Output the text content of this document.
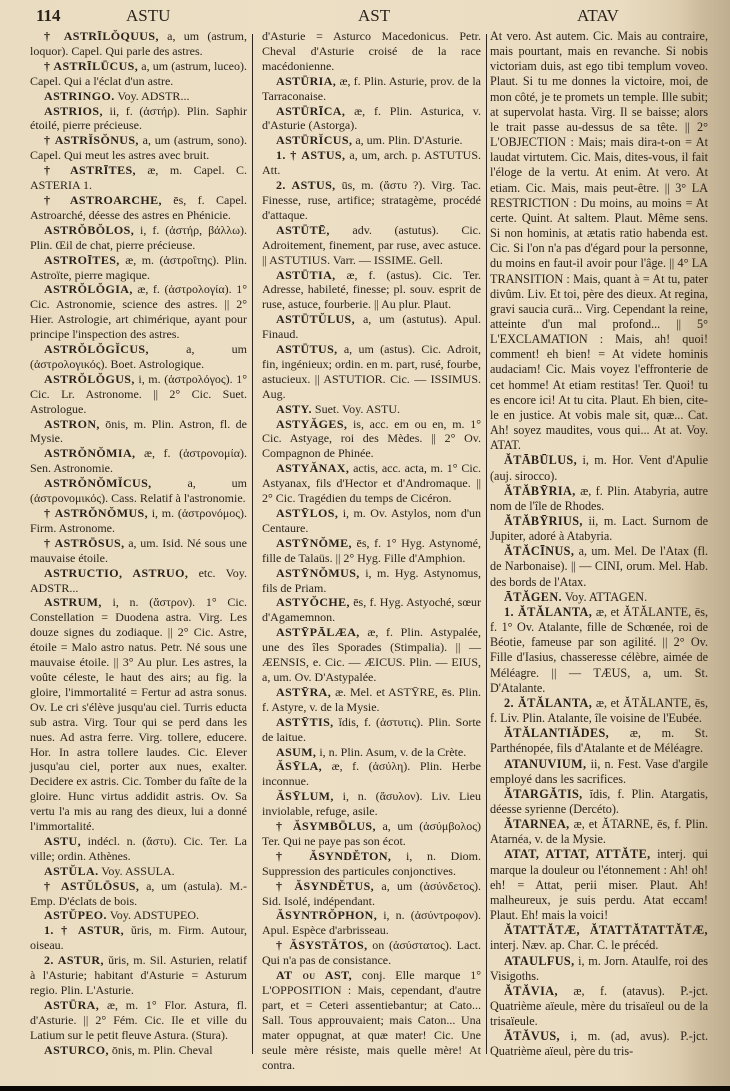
114	ASTU	AST	ATAV

† ASTRĪLŎQUUS, a, um (astrum, loquor). Capel. Qui parle des astres.

† ASTRĪLŪCUS, a, um (astrum, luceo). Capel. Qui a l'éclat d'un astre.

ASTRINGO. Voy. ADSTR...

ASTRIOS, ii, f. (ἀστήρ). Plin. Saphir étoilé, pierre précieuse.

† ASTRĬSŎNUS, a, um (astrum, sono). Capel. Qui meut les astres avec bruit.

† ASTRĪTES, æ, m. Capel. C. ASTERIA 1.

† ASTROARCHE, ēs, f. Capel. Astroarché, déesse des astres en Phénicie.

ASTRŎBŎLOS, i, f. (ἀστήρ, βάλλω). Plin. Œil de chat, pierre précieuse.

ASTROĪTES, æ, m. (ἀστροΐτης). Plin. Astroïte, pierre magique.

ASTRŎLŎGIA, æ, f. (ἀστρολογία). 1° Cic. Astronomie, science des astres. || 2° Hier. Astrologie, art chimérique, ayant pour principe l'inspection des astres.

ASTRŎLŎGĬCUS,	a, um (ἀστρολογικός). Boet. Astrologique.

ASTRŎLŎGUS, i, m. (ἀστρολόγος). 1° Cic. Lr. Astronome. || 2° Cic. Suet. Astrologue.

ASTRON, ōnis, m. Plin. Astron, fl. de Mysie.

ASTRŎNŎMIA, æ, f. (ἀστρονομία). Sen. Astronomie.

ASTRŎNŎMĬCUS,	a, um (ἀστρονομικός). Cass. Relatif à l'astronomie.

† ASTRŎNŎMUS, i, m. (ἀστρονόμος). Firm. Astronome.

† ASTRŌSUS, a, um. Isid. Né sous une mauvaise étoile.

ASTRUCTIO, ASTRUO, etc. Voy. ADSTR...

ASTRUM, i, n. (ἄστρον). 1° Cic. Constellation = Duodena astra. Virg. Les douze signes du zodiaque. || 2° Cic. Astre, étoile = Malo astro natus. Petr. Né sous une mauvaise étoile. || 3° Au plur. Les astres, la voûte céleste, le haut des airs; au fig. la gloire, l'immortalité = Fertur ad astra sonus. Ov. Le cri s'élève jusqu'au ciel. Turris educta sub astra. Virg. Tour qui se perd dans les nues. Ad astra ferre. Virg. tollere, educere. Hor. In astra tollere laudes. Cic. Elever jusqu'au ciel, porter aux nues, exalter. Decidere ex astris. Cic. Tomber du faîte de la gloire. Hunc virtus addidit astris. Ov. Sa vertu l'a mis au rang des dieux, lui a donné l'immortalité.

ASTU, indécl. n. (ἄστυ). Cic. Ter. La ville; ordin. Athènes.

ASTŬLA. Voy. ASSULA.

† ASTŬLŌSUS, a, um (astula). M.-Emp. D'éclats de bois.

ASTŬPEO. Voy. ADSTUPEO.

1. † ASTUR, ŭris, m. Firm. Autour, oiseau.

2. ASTUR, ŭris, m. Sil. Asturien, relatif à l'Asturie; habitant d'Asturie = Asturum regio. Plin. L'Asturie.

ASTŪRA, æ, m. 1° Flor. Astura, fl. d'Asturie. || 2° Fém. Cic. Ile et ville du Latium sur le petit fleuve Astura. (Stura).

ASTURCO, ōnis, m. Plin. Cheval

d'Asturie = Asturco Macedonicus. Petr. Cheval d'Asturie croisé de la race macédonienne.

ASTŪRIA, æ, f. Plin. Asturie, prov. de la Tarraconaise.

ASTŪRĪCA, æ, f. Plin. Asturica, v. d'Asturie (Astorga).

ASTŪRĬCUS, a, um. Plin. D'Asturie.

1. † ASTUS, a, um, arch. p. ASTUTUS. Att.

2. ASTUS, ūs, m. (ἄστυ ?). Virg. Tac. Finesse, ruse, artifice; stratagème, procédé d'attaque.

ASTŪTĒ, adv. (astutus). Cic. Adroitement, finement, par ruse, avec astuce. || ASTUTIUS. Varr. — ISSIME. Gell.

ASTŪTIA, æ, f. (astus). Cic. Ter. Adresse, habileté, finesse; pl. souv. esprit de ruse, astuce, fourberie. || Au plur. Plaut.

ASTŪTŬLUS, a, um (astutus). Apul. Finaud.

ASTŪTUS, a, um (astus). Cic. Adroit, fin, ingénieux; ordin. en m. part, rusé, fourbe, astucieux. || ASTUTIOR. Cic. — ISSIMUS. Aug.

ASTY. Suet. Voy. ASTU.

ASTYĂGES, is, acc. em ou en, m. 1° Cic. Astyage, roi des Mèdes. || 2° Ov. Compagnon de Phinée.

ASTYĂNAX, actis, acc. acta, m. 1° Cic. Astyanax, fils d'Hector et d'Andromaque. || 2° Cic. Tragédien du temps de Cicéron.

ASTȲLOS, i, m. Ov. Astylos, nom d'un Centaure.

ASTȲNŎME, ēs, f. 1° Hyg. Astynomé, fille de Talaüs. || 2° Hyg. Fille d'Amphion.

ASTȲNŎMUS, i, m. Hyg. Astynomus, fils de Priam.

ASTYŎCHE, ēs, f. Hyg. Astyoché, sœur d'Agamemnon.

ASTȲPĀLÆA, æ, f. Plin. Astypalée, une des îles Sporades (Stimpalia). || — ÆENSIS, e. Cic. — ÆICUS. Plin. — EIUS, a, um. Ov. D'Astypalée.

ASTȲRA, æ. Mel. et ASTȲRE, ēs. Plin. f. Astyre, v. de la Mysie.

ASTȲTIS, ĭdis, f. (ἀστυτις). Plin. Sorte de laitue.

ASUM, i, n. Plin. Asum, v. de la Crète.

ĂSȲLA, æ, f. (ἀσύλη). Plin. Herbe inconnue.

ĂSȲLUM, i, n. (ἄσυλον). Liv. Lieu inviolable, refuge, asile.

† ĂSYMBŌLUS, a, um (ἀσύμβολος) Ter. Qui ne paye pas son écot.

† ĂSYNDĔTON, i, n. Diom. Suppression des particules conjonctives.

† ĂSYNDĔTUS, a, um (ἀσύνδετος). Sid. Isolé, indépendant.

ĂSYNTRŎPHON, i, n. (ἀσύντροφον). Apul. Espèce d'arbrisseau.

† ĂSYSTĂTOS, on (ἀσύστατος). Lact. Qui n'a pas de consistance.

AT ou AST, conj. Elle marque 1° L'OPPOSITION : Mais, cependant, d'autre part, et = Ceteri assentiebantur; at Cato... Sall. Tous approuvaient; mais Caton... Una mater oppugnat, at quæ mater! Cic. Une seule mère résiste, mais quelle mère! At contra.

At vero. Ast autem. Cic. Mais au contraire, mais pourtant, mais en revanche. Si nobis victoriam duis, ast ego tibi templum voveo. Plaut. Si tu me donnes la victoire, moi, de mon côté, je te promets un temple. Ille subit; at supervolat hasta. Virg. Il se baisse; alors le trait passe au-dessus de sa tête. || 2° L'OBJECTION : Mais; mais dira-t-on = At laudat virtutem. Cic. Mais, dites-vous, il fait l'éloge de la vertu. At enim. At vero. At etiam. Cic. Mais, mais peut-être. || 3° LA RESTRICTION : Du moins, au moins = At certe. Quint. At saltem. Plaut. Même sens. Si non hominis, at ætatis ratio habenda est. Cic. Si l'on n'a pas d'égard pour la personne, du moins en faut-il avoir pour l'âge. || 4° LA TRANSITION : Mais, quant à = At tu, pater divûm. Liv. Et toi, père des dieux. At regina, gravi saucia curā... Virg. Cependant la reine, atteinte d'un mal profond... || 5° L'EXCLAMATION : Mais, ah! quoi! comment! eh bien! = At videte hominis audaciam! Cic. Mais voyez l'effronterie de cet homme! At etiam restitas! Ter. Quoi! tu es encore ici! At tu cita. Plaut. Eh bien, cite-le en justice. At vobis male sit, quæ... Cat. Ah! soyez maudites, vous qui... At at. Voy. ATAT.

ĂTĀBŪLUS, i, m. Hor. Vent d'Apulie (auj. sirocco).

ĂTĂBȲRIA, æ, f. Plin. Atabyria, autre nom de l'île de Rhodes.

ĂTĂBȲRIUS, ii, m. Lact. Surnom de Jupiter, adoré à Atabyria.

ĂTĂCĪNUS, a, um. Mel. De l'Atax (fl. de Narbonaise). || — CINI, orum. Mel. Hab. des bords de l'Atax.

ĀTĂGEN. Voy. ATTAGEN.

1. ĂTĂLANTA, æ, et ĂTĂLANTE, ēs, f. 1° Ov. Atalante, fille de Schœnée, roi de Béotie, fameuse par son agilité. || 2° Ov. Fille d'Iasius, chasseresse célèbre, aimée de Méléagre. || — TÆUS, a, um. St. D'Atalante.

2. ĂTĂLANTA, æ, et ĂTĂLANTE, ēs, f. Liv. Plin. Atalante, île voisine de l'Eubée.

ĂTĂLANTIĂDES, æ, m. St. Parthénopée, fils d'Atalante et de Méléagre.

ATANUVIUM, ii, n. Fest. Vase d'argile employé dans les sacrifices.

ĂTARGĂTIS, ĭdis, f. Plin. Atargatis, déesse syrienne (Dercéto).

ĂTARNEA, æ, et ĂTARNE, ēs, f. Plin. Atarnéa, v. de la Mysie.

ATAT, ATTAT, ATTĂTE, interj. qui marque la douleur ou l'étonnement : Ah! oh! eh! = Attat, perii miser. Plaut. Ah! malheureux, je suis perdu. Atat eccam! Plaut. Eh! mais la voici!

ĂTATTĂTÆ, ĂTATTĂTATTĂTÆ, interj. Næv. ap. Char. C. le précéd.

ATAULFUS, i, m. Jorn. Ataulfe, roi des Visigoths.

ĂTĂVIA, æ, f. (atavus). P.-jct. Quatrième aïeule, mère du trisaïeul ou de la trisaïeule.

ĂTĂVUS, i, m. (ad, avus). P.-jct. Quatrième aïeul, père du tris-
